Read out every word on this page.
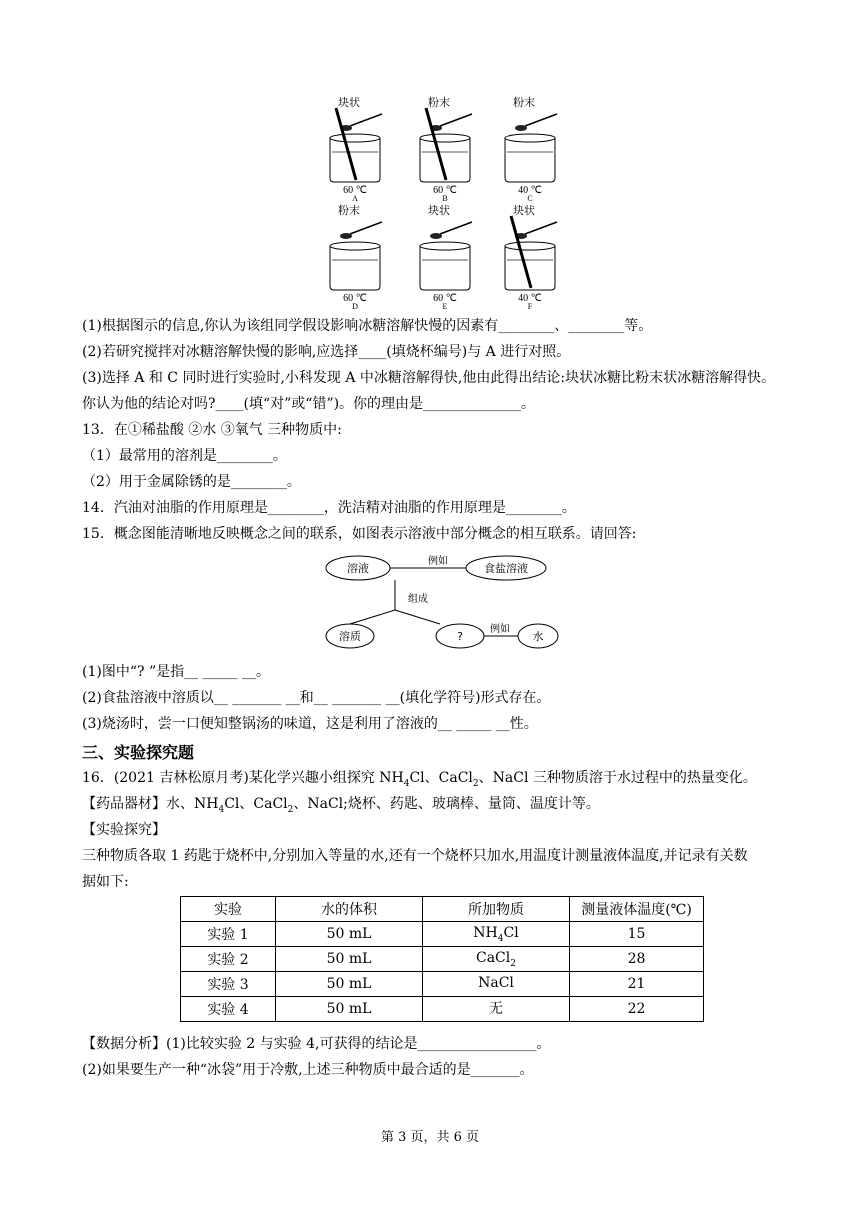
块状
60 ℃
A
粉末
60 ℃
B
粉末
40 ℃
C
粉末
60 ℃
D
块状
60 ℃
E
块状
40 ℃
F
(1)根据图示的信息,你认为该组同学假设影响冰糖溶解快慢的因素有________、________等。
(2)若研究搅拌对冰糖溶解快慢的影响,应选择____(填烧杯编号)与 A 进行对照。
(3)选择 A 和 C 同时进行实验时,小科发现 A 中冰糖溶解得快,他由此得出结论:块状冰糖比粉末状冰糖溶解得快。
你认为他的结论对吗?____(填“对”或“错”)。你的理由是______________。
13．在①稀盐酸 ②水 ③氧气 三种物质中:
（1）最常用的溶剂是________。
（2）用于金属除锈的是________。
14．汽油对油脂的作用原理是________，洗洁精对油脂的作用原理是________。
15．概念图能清晰地反映概念之间的联系，如图表示溶液中部分概念的相互联系。请回答:
溶液
例如
食盐溶液
组成
溶质	?
例如
水
(1)图中“? ”是指__ _____ __。
(2)食盐溶液中溶质以__ _______ __和__ _______ __(填化学符号)形式存在。
(3)烧汤时，尝一口便知整锅汤的味道，这是利用了溶液的__ _____ __性。
三、实验探究题
16．(2021 吉林松原月考)某化学兴趣小组探究 $NH_4Cl$、CaCl$_2$、NaCl 三种物质溶于水过程中的热量变化。
【药品器材】水、$NH_4Cl$、CaCl$_2$、NaCl;烧杯、药匙、玻璃棒、量筒、温度计等。
【实验探究】
三种物质各取 1 药匙于烧杯中,分别加入等量的水,还有一个烧杯只加水,用温度计测量液体温度,并记录有关数
据如下:
实验	水的体积	所加物质	测量液体温度(℃)
实验 1	50 mL	$NH_4Cl$	15
实验 2	50 mL	CaCl$_2$	28
实验 3	50 mL	NaCl	21
实验 4	50 mL	无	22
【数据分析】(1)比较实验 2 与实验 4,可获得的结论是_________________。
(2)如果要生产一种“冰袋”用于冷敷,上述三种物质中最合适的是_______。
第 3 页，共 6 页
